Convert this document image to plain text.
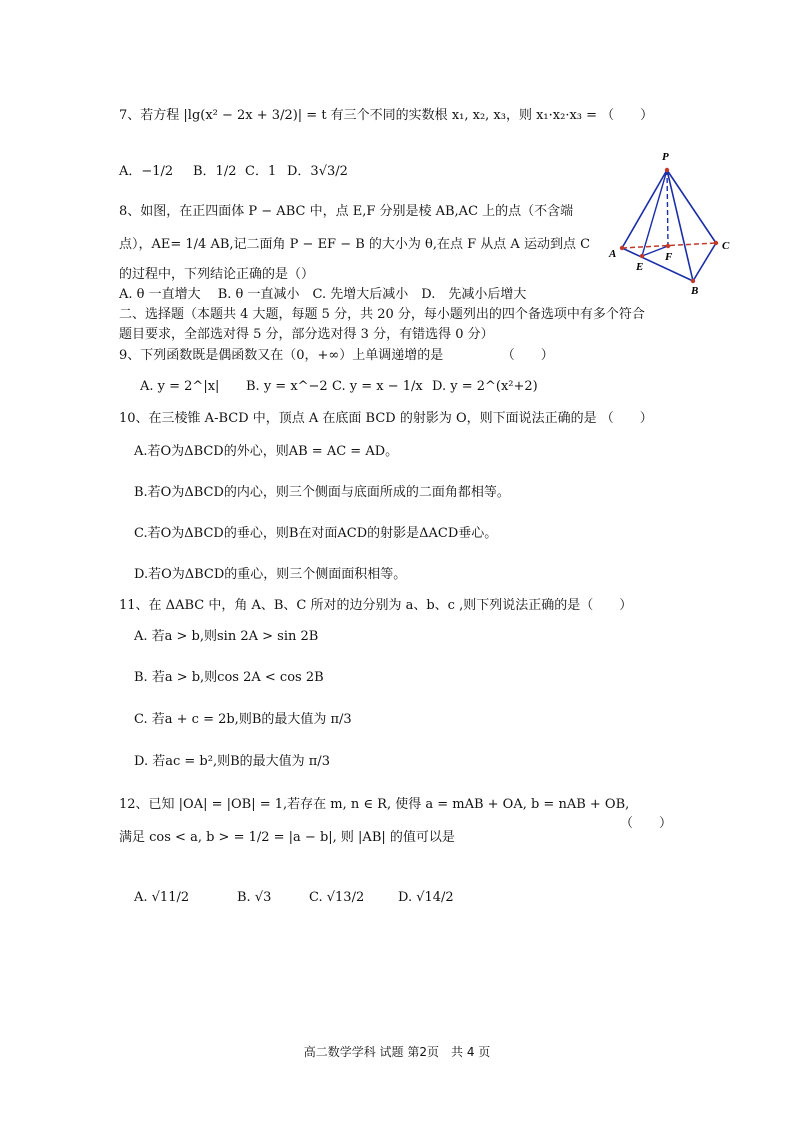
7、若方程 |lg(x² − 2x + 3/2)| = t 有三个不同的实数根 x₁, x₂, x₃，则 x₁·x₂·x₃ = （　　）
A．−1/2 B．1/2 C．1 D．3√3/2
8、如图，在正四面体 P − ABC 中，点 E,F 分别是棱 AB,AC 上的点（不含端
点），AE= 1/4 AB,记二面角 P − EF − B 的大小为 θ,在点 F 从点 A 运动到点 C
的过程中，下列结论正确的是（）
A. θ 一直增大　 B. θ 一直减小　C. 先增大后减小　D.　先减小后增大
P
A
B
C
E
F
二、选择题（本题共 4 大题，每题 5 分，共 20 分，每小题列出的四个备选项中有多个符合
题目要求，全部选对得 5 分，部分选对得 3 分，有错选得 0 分）
9、下列函数既是偶函数又在（0，+∞）上单调递增的是　　　　　（　　）
A. y = 2^|x| B. y = x^−2 C. y = x − 1/x D. y = 2^(x²+2)
10、在三棱锥 A-BCD 中，顶点 A 在底面 BCD 的射影为 O，则下面说法正确的是 （　　）
A.若O为ΔBCD的外心，则AB = AC = AD。
B.若O为ΔBCD的内心，则三个侧面与底面所成的二面角都相等。
C.若O为ΔBCD的垂心，则B在对面ACD的射影是ΔACD垂心。
D.若O为ΔBCD的重心，则三个侧面面积相等。
11、在 ΔABC 中，角 A、B、C 所对的边分别为 a、b、c ,则下列说法正确的是（　　）
A. 若a > b,则sin 2A > sin 2B
B. 若a > b,则cos 2A < cos 2B
C. 若a + c = 2b,则B的最大值为 π/3
D. 若ac = b²,则B的最大值为 π/3
12、已知 |OA| = |OB| = 1,若存在 m, n ∈ R, 使得 a = mAB + OA, b = nAB + OB,
（　　）
满足 cos < a, b > = 1/2 = |a − b|, 则 |AB| 的值可以是
A. √11/2	B. √3	C. √13/2	D. √14/2
高二数学学科 试题 第2页　共 4 页
